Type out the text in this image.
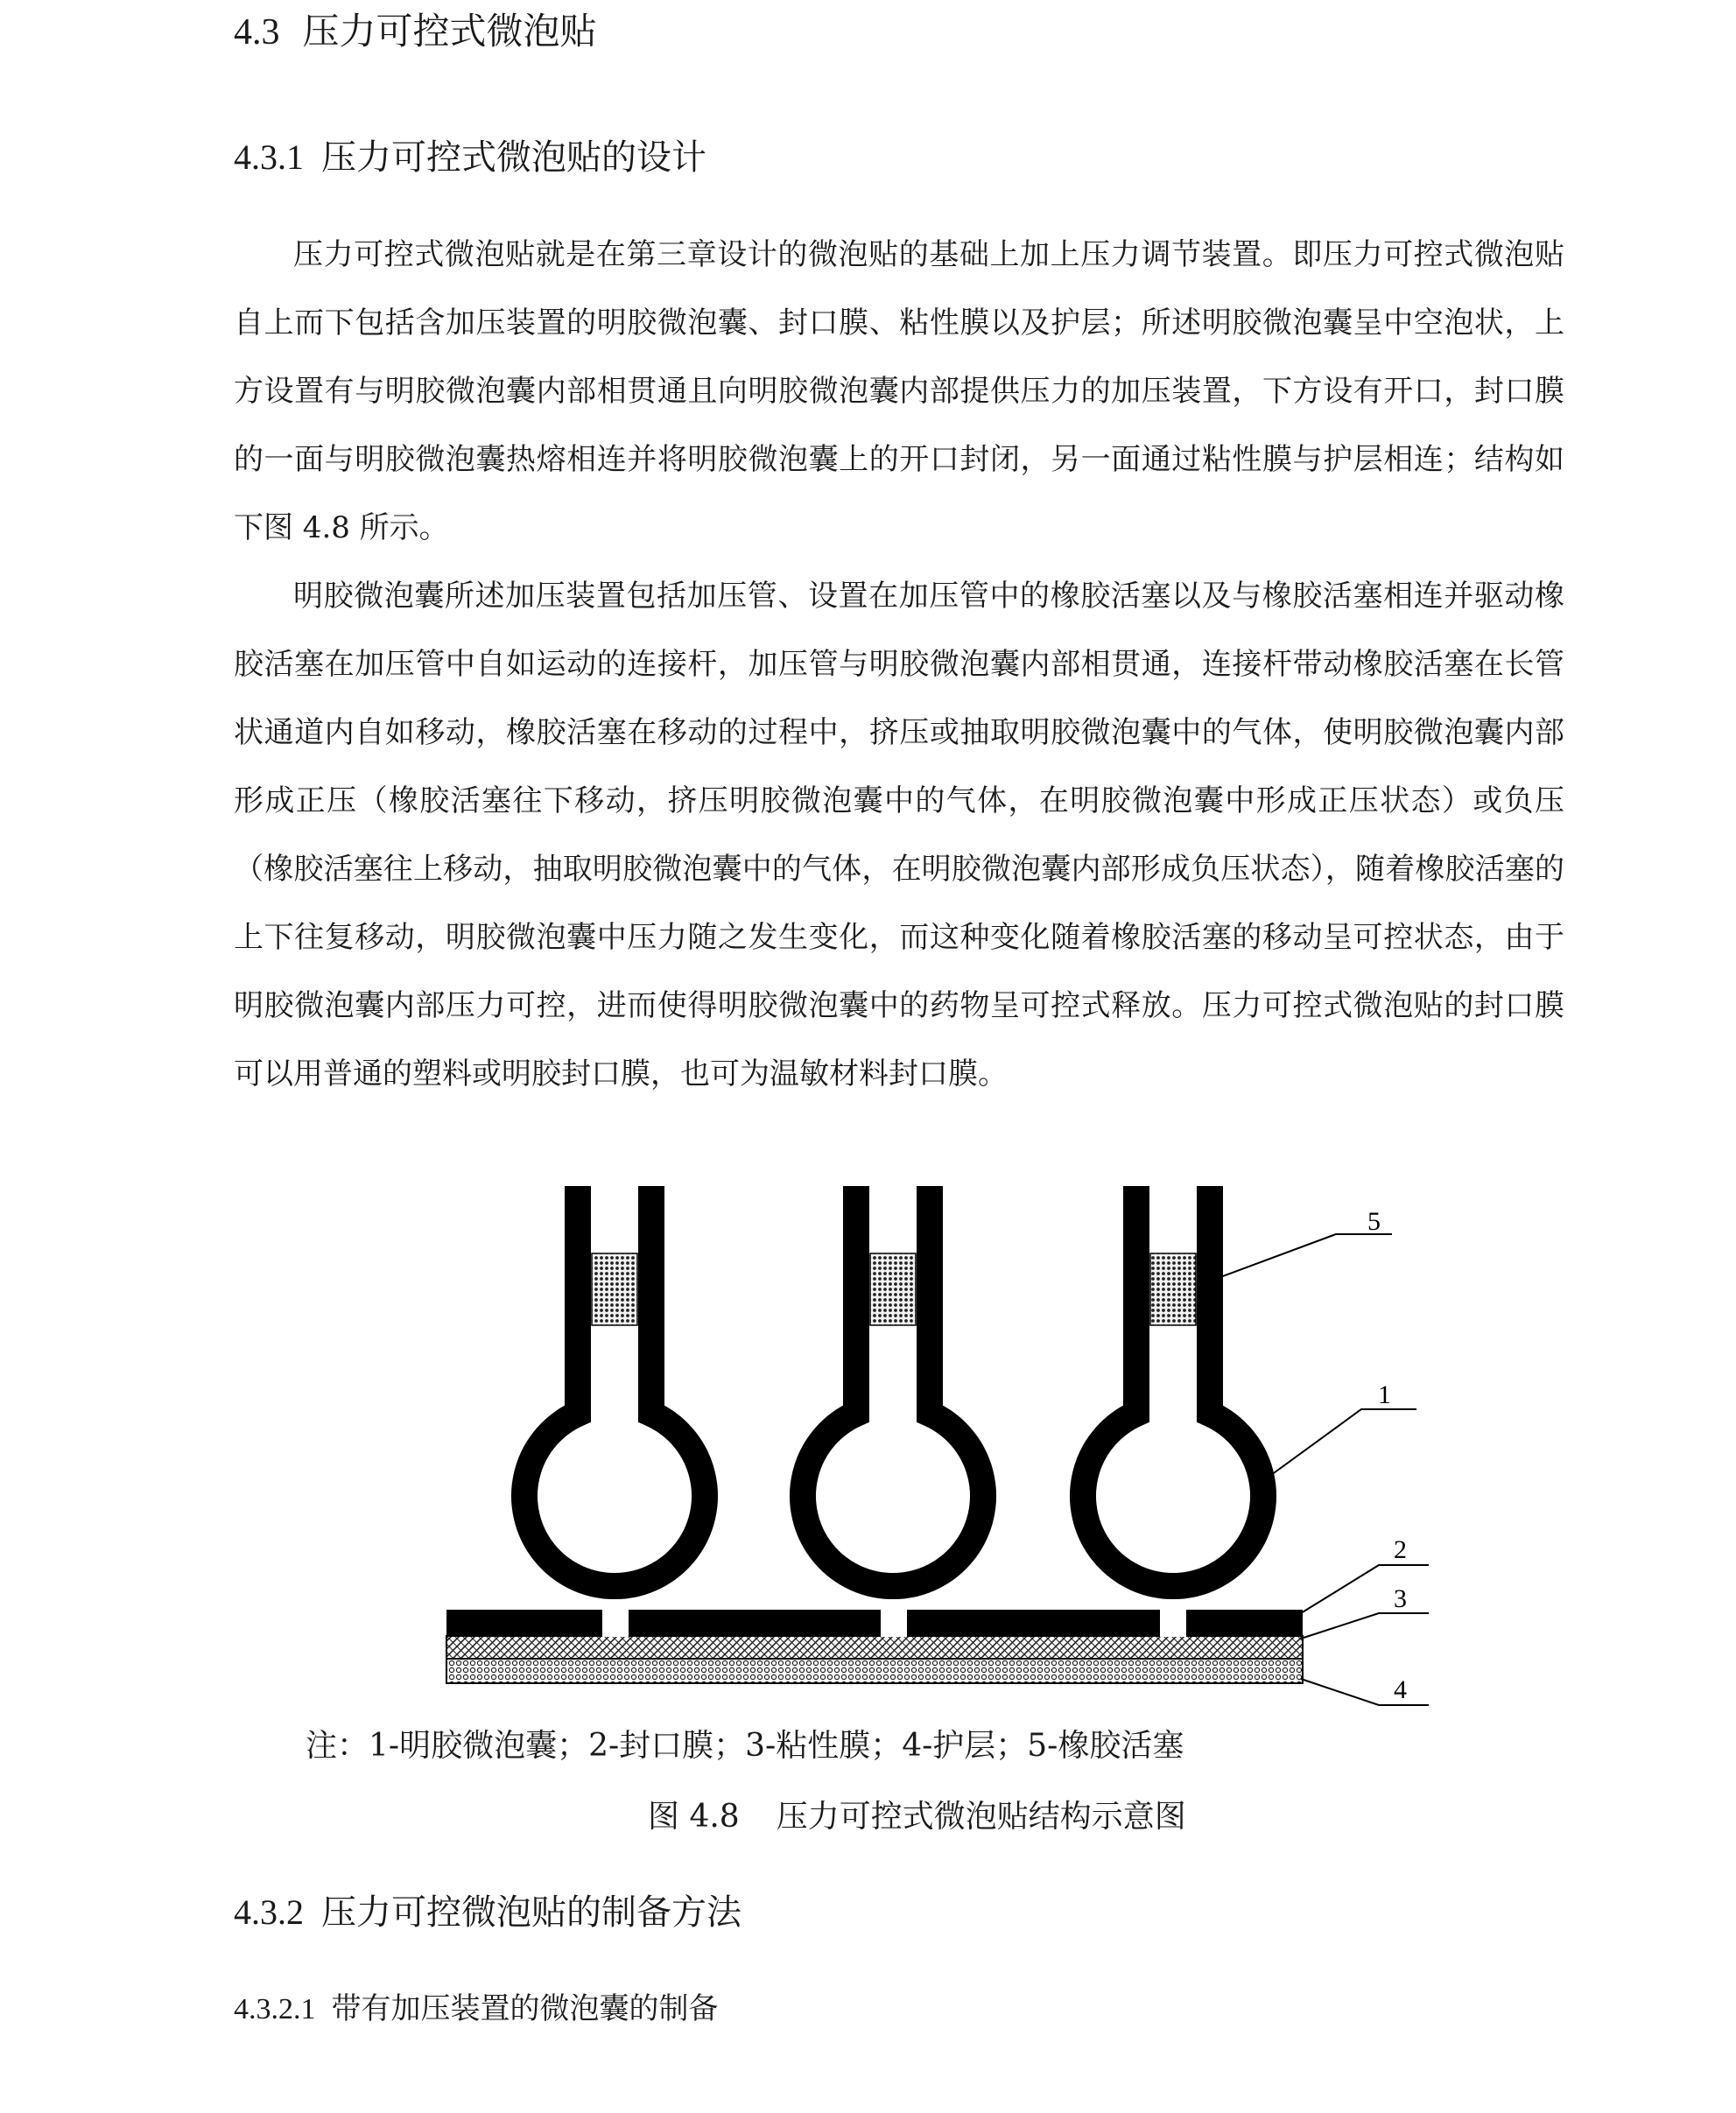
4.3 压力可控式微泡贴
4.3.1 压力可控式微泡贴的设计

压力可控式微泡贴就是在第三章设计的微泡贴的基础上加上压力调节装置。即压力可控式微泡贴自上而下包括含加压装置的明胶微泡囊、封口膜、粘性膜以及护层；所述明胶微泡囊呈中空泡状，上方设置有与明胶微泡囊内部相贯通且向明胶微泡囊内部提供压力的加压装置，下方设有开口，封口膜的一面与明胶微泡囊热熔相连并将明胶微泡囊上的开口封闭，另一面通过粘性膜与护层相连；结构如下图 4.8 所示。

明胶微泡囊所述加压装置包括加压管、设置在加压管中的橡胶活塞以及与橡胶活塞相连并驱动橡胶活塞在加压管中自如运动的连接杆，加压管与明胶微泡囊内部相贯通，连接杆带动橡胶活塞在长管状通道内自如移动，橡胶活塞在移动的过程中，挤压或抽取明胶微泡囊中的气体，使明胶微泡囊内部形成正压（橡胶活塞往下移动，挤压明胶微泡囊中的气体，在明胶微泡囊中形成正压状态）或负压（橡胶活塞往上移动，抽取明胶微泡囊中的气体，在明胶微泡囊内部形成负压状态），随着橡胶活塞的上下往复移动，明胶微泡囊中压力随之发生变化，而这种变化随着橡胶活塞的移动呈可控状态，由于明胶微泡囊内部压力可控，进而使得明胶微泡囊中的药物呈可控式释放。压力可控式微泡贴的封口膜可以用普通的塑料或明胶封口膜，也可为温敏材料封口膜。

5
1
2
3
4
注：1-明胶微泡囊；2-封口膜；3-粘性膜；4-护层；5-橡胶活塞
图 4.8 压力可控式微泡贴结构示意图
4.3.2 压力可控微泡贴的制备方法
4.3.2.1 带有加压装置的微泡囊的制备
